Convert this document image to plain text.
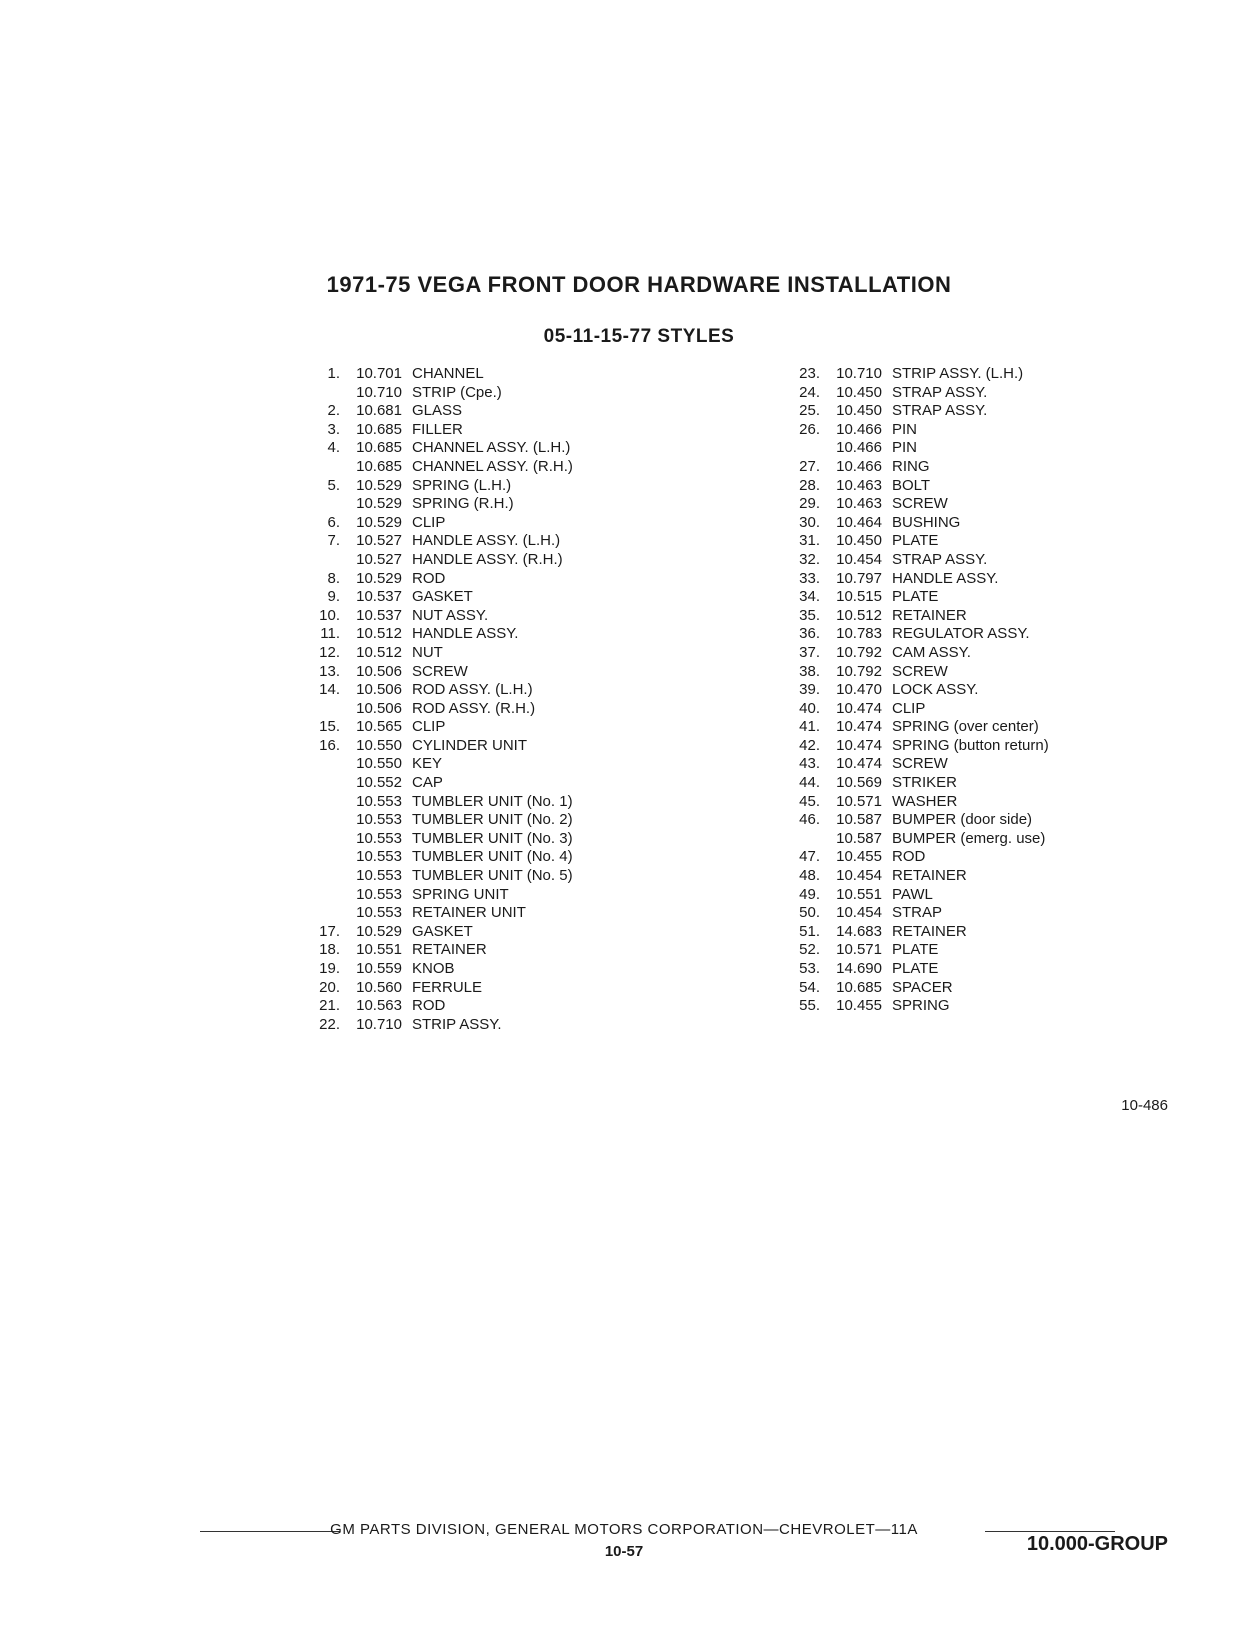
1971-75 VEGA FRONT DOOR HARDWARE INSTALLATION
05-11-15-77 STYLES
1.	10.701 CHANNEL
10.710 STRIP (Cpe.)
2.	10.681 GLASS
3.	10.685 FILLER
4.	10.685 CHANNEL ASSY. (L.H.)
10.685 CHANNEL ASSY. (R.H.)
5.	10.529 SPRING (L.H.)
10.529 SPRING (R.H.)
6.	10.529 CLIP
7.	10.527 HANDLE ASSY. (L.H.)
10.527 HANDLE ASSY. (R.H.)
8.	10.529 ROD
9.	10.537 GASKET
10.	10.537 NUT ASSY.
11.	10.512 HANDLE ASSY.
12.	10.512 NUT
13.	10.506 SCREW
14.	10.506 ROD ASSY. (L.H.)
10.506 ROD ASSY. (R.H.)
15.	10.565 CLIP
16.	10.550 CYLINDER UNIT
10.550 KEY
10.552 CAP
10.553 TUMBLER UNIT (No. 1)
10.553 TUMBLER UNIT (No. 2)
10.553 TUMBLER UNIT (No. 3)
10.553 TUMBLER UNIT (No. 4)
10.553 TUMBLER UNIT (No. 5)
10.553 SPRING UNIT
10.553 RETAINER UNIT
17.	10.529 GASKET
18.	10.551 RETAINER
19.	10.559 KNOB
20.	10.560 FERRULE
21.	10.563 ROD
22.	10.710 STRIP ASSY.
23.	10.710 STRIP ASSY. (L.H.)
24.	10.450 STRAP ASSY.
25.	10.450 STRAP ASSY.
26.	10.466 PIN
10.466 PIN
27.	10.466 RING
28.	10.463 BOLT
29.	10.463 SCREW
30.	10.464 BUSHING
31.	10.450 PLATE
32.	10.454 STRAP ASSY.
33.	10.797 HANDLE ASSY.
34.	10.515 PLATE
35.	10.512 RETAINER
36.	10.783 REGULATOR ASSY.
37.	10.792 CAM ASSY.
38.	10.792 SCREW
39.	10.470 LOCK ASSY.
40.	10.474 CLIP
41.	10.474 SPRING (over center)
42.	10.474 SPRING (button return)
43.	10.474 SCREW
44.	10.569 STRIKER
45.	10.571 WASHER
46.	10.587 BUMPER (door side)
10.587 BUMPER (emerg. use)
47.	10.455 ROD
48.	10.454 RETAINER
49.	10.551 PAWL
50.	10.454 STRAP
51.	14.683 RETAINER
52.	10.571 PLATE
53.	14.690 PLATE
54.	10.685 SPACER
55.	10.455 SPRING
10-486
GM PARTS DIVISION, GENERAL MOTORS CORPORATION—CHEVROLET—11A
10-57	10.000-GROUP
